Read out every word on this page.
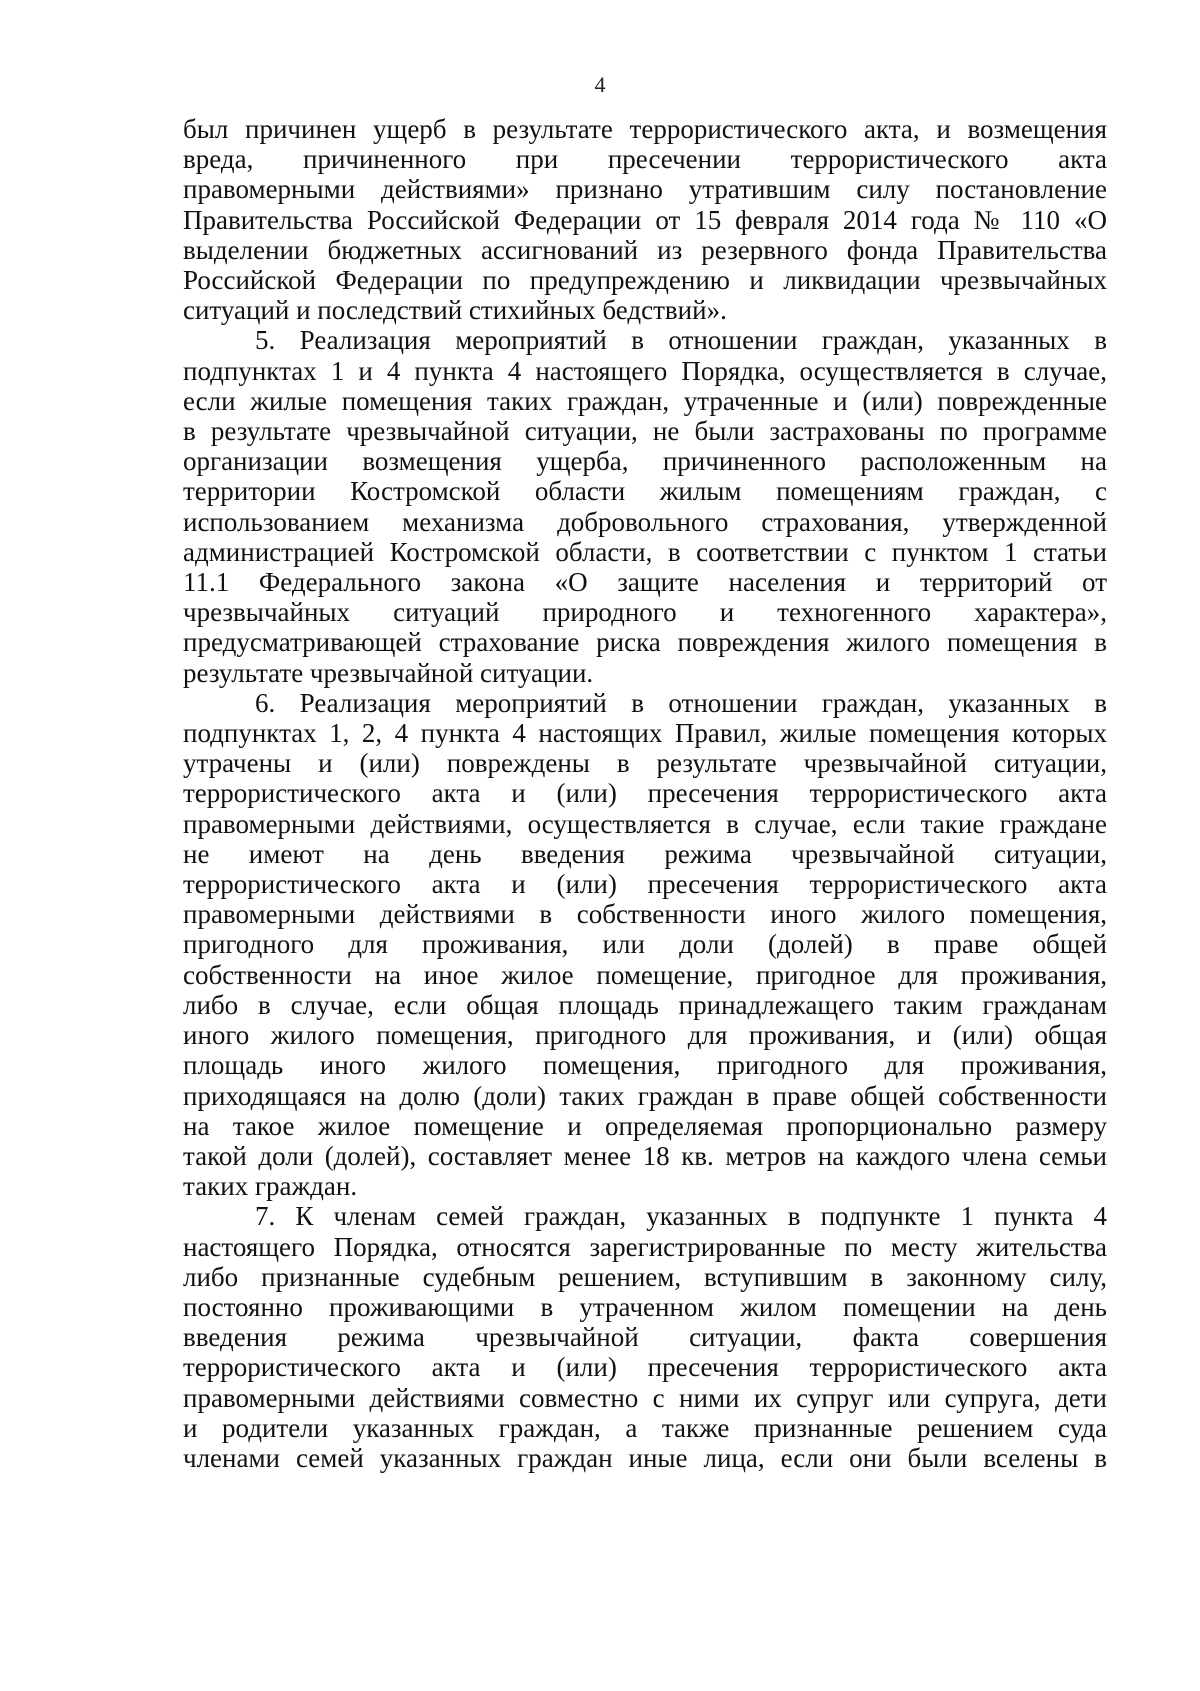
4
был причинен ущерб в результате террористического акта, и возмещения
вреда, причиненного при пресечении террористического акта
правомерными действиями» признано утратившим силу постановление
Правительства Российской Федерации от 15 февраля 2014 года № 110 «О
выделении бюджетных ассигнований из резервного фонда Правительства
Российской Федерации по предупреждению и ликвидации чрезвычайных
ситуаций и последствий стихийных бедствий».
5. Реализация мероприятий в отношении граждан, указанных в
подпунктах 1 и 4 пункта 4 настоящего Порядка, осуществляется в случае,
если жилые помещения таких граждан, утраченные и (или) поврежденные
в результате чрезвычайной ситуации, не были застрахованы по программе
организации возмещения ущерба, причиненного расположенным на
территории Костромской области жилым помещениям граждан, с
использованием механизма добровольного страхования, утвержденной
администрацией Костромской области, в соответствии с пунктом 1 статьи
11.1 Федерального закона «О защите населения и территорий от
чрезвычайных ситуаций природного и техногенного характера»,
предусматривающей страхование риска повреждения жилого помещения в
результате чрезвычайной ситуации.
6. Реализация мероприятий в отношении граждан, указанных в
подпунктах 1, 2, 4 пункта 4 настоящих Правил, жилые помещения которых
утрачены и (или) повреждены в результате чрезвычайной ситуации,
террористического акта и (или) пресечения террористического акта
правомерными действиями, осуществляется в случае, если такие граждане
не имеют на день введения режима чрезвычайной ситуации,
террористического акта и (или) пресечения террористического акта
правомерными действиями в собственности иного жилого помещения,
пригодного для проживания, или доли (долей) в праве общей
собственности на иное жилое помещение, пригодное для проживания,
либо в случае, если общая площадь принадлежащего таким гражданам
иного жилого помещения, пригодного для проживания, и (или) общая
площадь иного жилого помещения, пригодного для проживания,
приходящаяся на долю (доли) таких граждан в праве общей собственности
на такое жилое помещение и определяемая пропорционально размеру
такой доли (долей), составляет менее 18 кв. метров на каждого члена семьи
таких граждан.
7. К членам семей граждан, указанных в подпункте 1 пункта 4
настоящего Порядка, относятся зарегистрированные по месту жительства
либо признанные судебным решением, вступившим в законному силу,
постоянно проживающими в утраченном жилом помещении на день
введения режима чрезвычайной ситуации, факта совершения
террористического акта и (или) пресечения террористического акта
правомерными действиями совместно с ними их супруг или супруга, дети
и родители указанных граждан, а также признанные решением суда
членами семей указанных граждан иные лица, если они были вселены в
